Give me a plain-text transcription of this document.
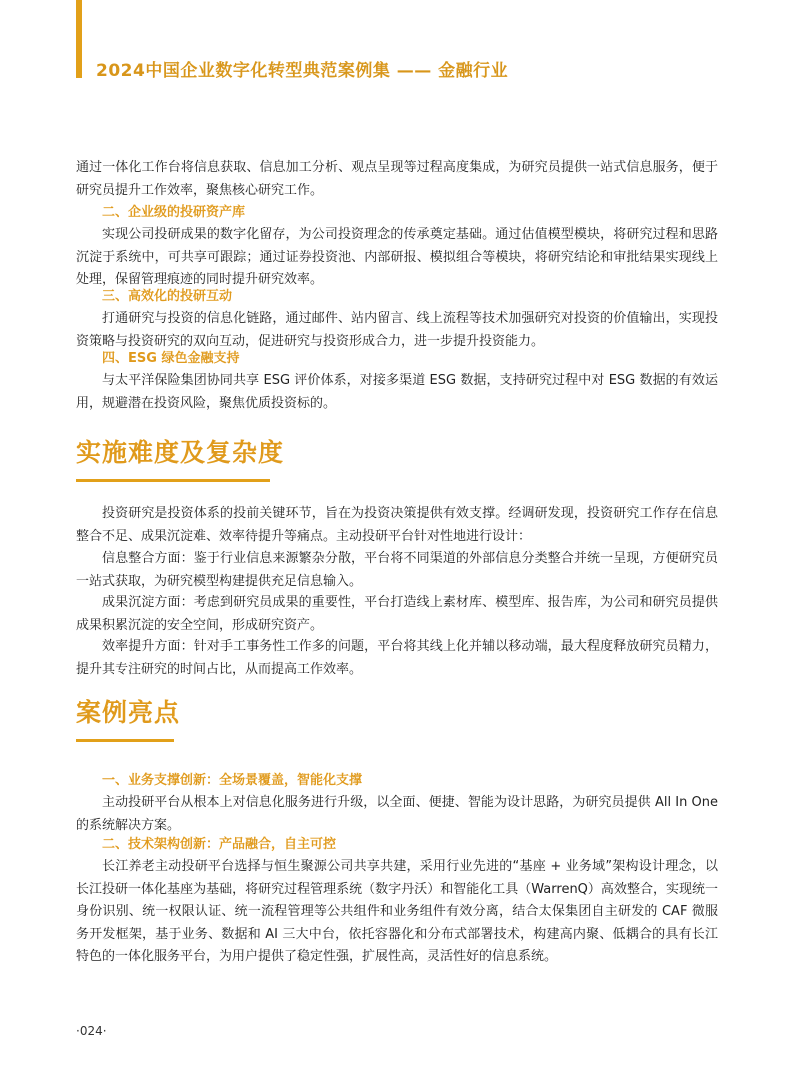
2024中国企业数字化转型典范案例集 —— 金融行业

通过一体化工作台将信息获取、信息加工分析、观点呈现等过程高度集成，为研究员提供一站式信息服务，便于研究员提升工作效率，聚焦核心研究工作。

二、企业级的投研资产库

实现公司投研成果的数字化留存，为公司投资理念的传承奠定基础。通过估值模型模块，将研究过程和思路沉淀于系统中，可共享可跟踪；通过证券投资池、内部研报、模拟组合等模块，将研究结论和审批结果实现线上处理，保留管理痕迹的同时提升研究效率。

三、高效化的投研互动

打通研究与投资的信息化链路，通过邮件、站内留言、线上流程等技术加强研究对投资的价值输出，实现投资策略与投资研究的双向互动，促进研究与投资形成合力，进一步提升投资能力。

四、ESG 绿色金融支持

与太平洋保险集团协同共享 ESG 评价体系，对接多渠道 ESG 数据，支持研究过程中对 ESG 数据的有效运用，规避潜在投资风险，聚焦优质投资标的。

实施难度及复杂度

投资研究是投资体系的投前关键环节，旨在为投资决策提供有效支撑。经调研发现，投资研究工作存在信息整合不足、成果沉淀难、效率待提升等痛点。主动投研平台针对性地进行设计：

信息整合方面：鉴于行业信息来源繁杂分散，平台将不同渠道的外部信息分类整合并统一呈现，方便研究员一站式获取，为研究模型构建提供充足信息输入。

成果沉淀方面：考虑到研究员成果的重要性，平台打造线上素材库、模型库、报告库，为公司和研究员提供成果积累沉淀的安全空间，形成研究资产。

效率提升方面：针对手工事务性工作多的问题，平台将其线上化并辅以移动端，最大程度释放研究员精力，提升其专注研究的时间占比，从而提高工作效率。

案例亮点
一、业务支撑创新：全场景覆盖，智能化支撑

主动投研平台从根本上对信息化服务进行升级，以全面、便捷、智能为设计思路，为研究员提供 All In One 的系统解决方案。

二、技术架构创新：产品融合，自主可控

长江养老主动投研平台选择与恒生聚源公司共享共建，采用行业先进的“基座 + 业务域”架构设计理念，以长江投研一体化基座为基础，将研究过程管理系统（数字丹沃）和智能化工具（WarrenQ）高效整合，实现统一身份识别、统一权限认证、统一流程管理等公共组件和业务组件有效分离，结合太保集团自主研发的 CAF 微服务开发框架，基于业务、数据和 AI 三大中台，依托容器化和分布式部署技术，构建高内聚、低耦合的具有长江特色的一体化服务平台，为用户提供了稳定性强，扩展性高，灵活性好的信息系统。

·024·
